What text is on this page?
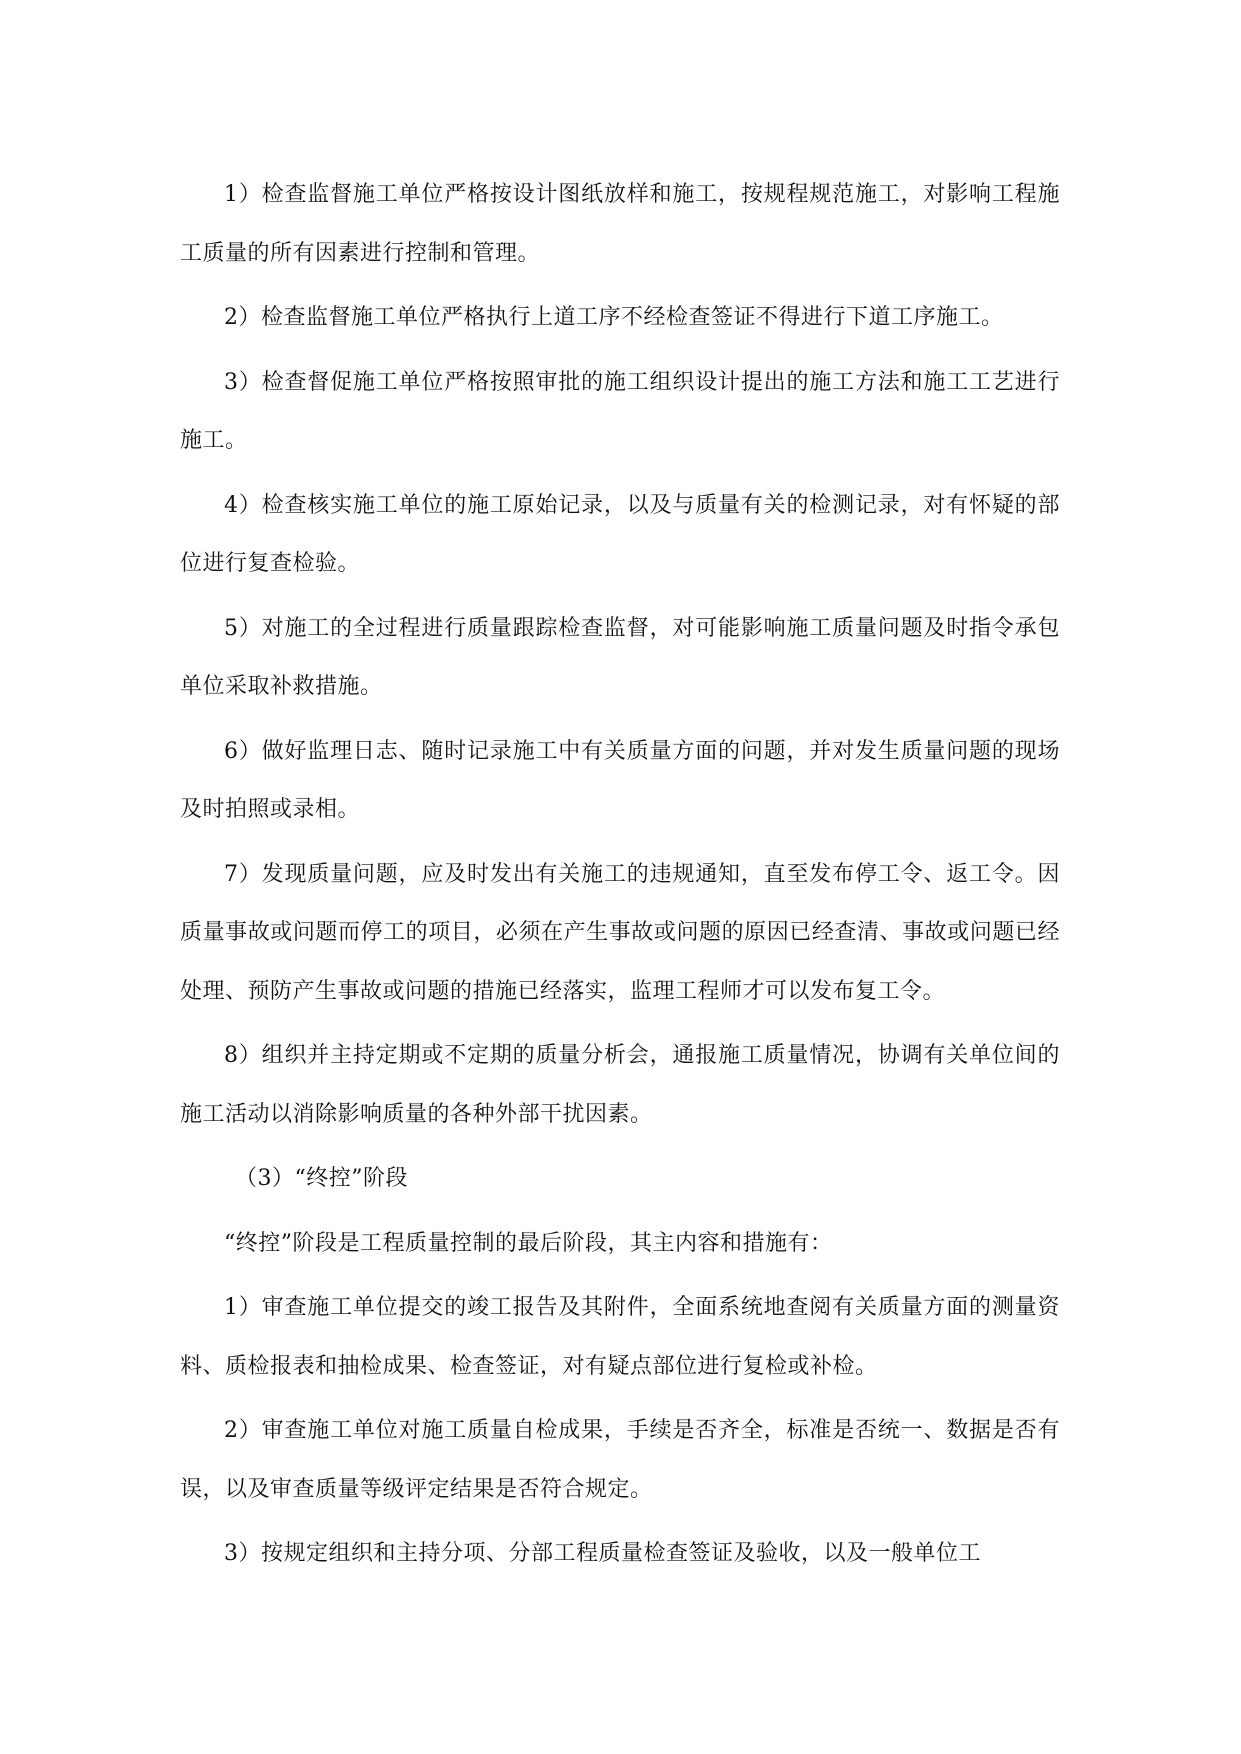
1）检查监督施工单位严格按设计图纸放样和施工，按规程规范施工，对影响工程施工质量的所有因素进行控制和管理。

2）检查监督施工单位严格执行上道工序不经检查签证不得进行下道工序施工。

3）检查督促施工单位严格按照审批的施工组织设计提出的施工方法和施工工艺进行施工。

4）检查核实施工单位的施工原始记录，以及与质量有关的检测记录，对有怀疑的部位进行复查检验。

5）对施工的全过程进行质量跟踪检查监督，对可能影响施工质量问题及时指令承包单位采取补救措施。

6）做好监理日志、随时记录施工中有关质量方面的问题，并对发生质量问题的现场及时拍照或录相。

7）发现质量问题，应及时发出有关施工的违规通知，直至发布停工令、返工令。因质量事故或问题而停工的项目，必须在产生事故或问题的原因已经查清、事故或问题已经处理、预防产生事故或问题的措施已经落实，监理工程师才可以发布复工令。

8）组织并主持定期或不定期的质量分析会，通报施工质量情况，协调有关单位间的施工活动以消除影响质量的各种外部干扰因素。

（3）“终控”阶段

“终控”阶段是工程质量控制的最后阶段，其主内容和措施有：

1）审查施工单位提交的竣工报告及其附件，全面系统地查阅有关质量方面的测量资料、质检报表和抽检成果、检查签证，对有疑点部位进行复检或补检。

2）审查施工单位对施工质量自检成果，手续是否齐全，标准是否统一、数据是否有误，以及审查质量等级评定结果是否符合规定。

3）按规定组织和主持分项、分部工程质量检查签证及验收，以及一般单位工
